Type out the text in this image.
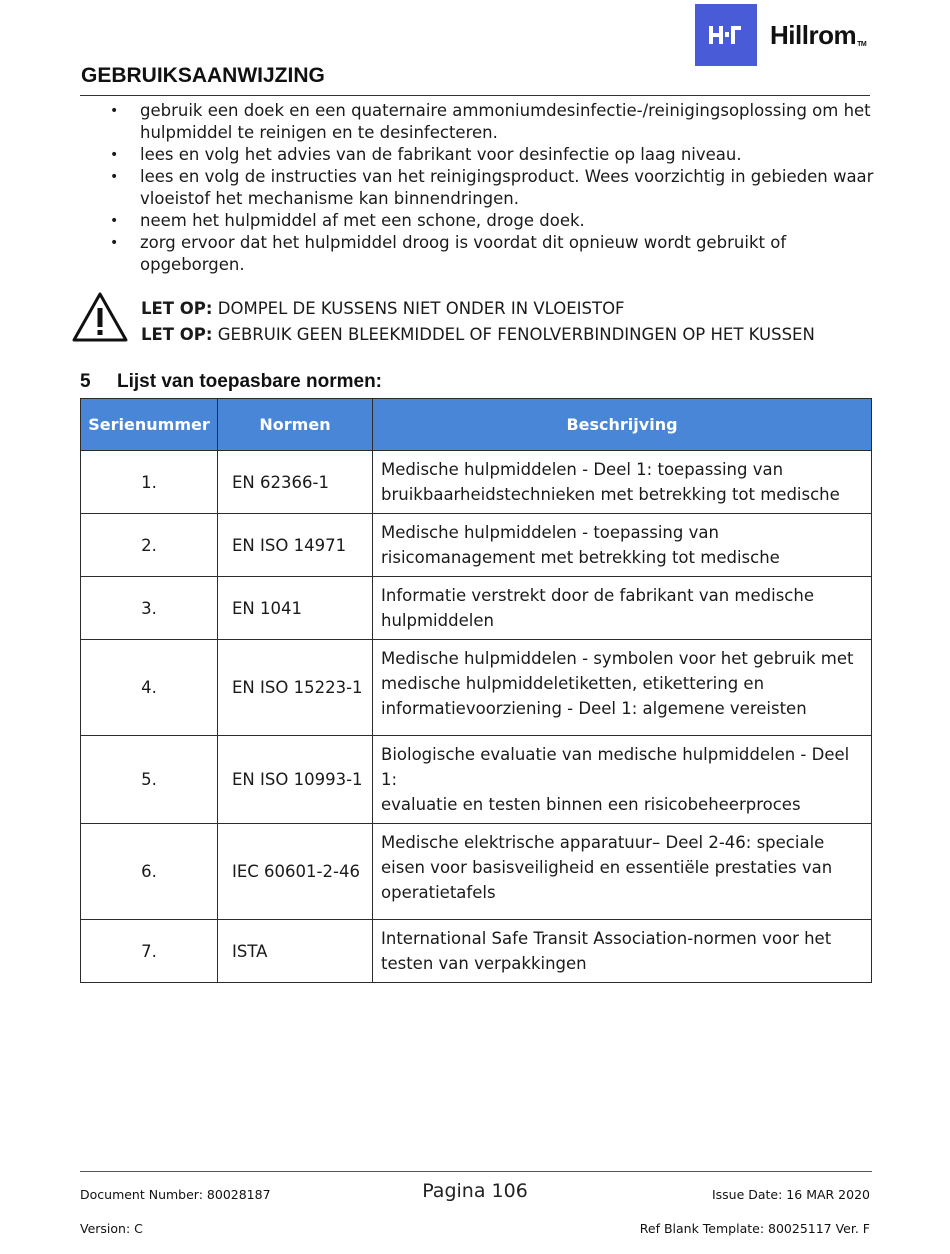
Hillrom™
GEBRUIKSAANWIJZING
• gebruik een doek en een quaternaire ammoniumdesinfectie-/reinigingsoplossing om het hulpmiddel te reinigen en te desinfecteren.
• lees en volg het advies van de fabrikant voor desinfectie op laag niveau.
• lees en volg de instructies van het reinigingsproduct. Wees voorzichtig in gebieden waar vloeistof het mechanisme kan binnendringen.
• neem het hulpmiddel af met een schone, droge doek.
• zorg ervoor dat het hulpmiddel droog is voordat dit opnieuw wordt gebruikt of opgeborgen.
LET OP: DOMPEL DE KUSSENS NIET ONDER IN VLOEISTOF
LET OP: GEBRUIK GEEN BLEEKMIDDEL OF FENOLVERBINDINGEN OP HET KUSSEN
5 Lijst van toepasbare normen:
Serienummer	Normen	Beschrijving
1.	EN 62366-1	Medische hulpmiddelen - Deel 1: toepassing van
bruikbaarheidstechnieken met betrekking tot medische

2.	EN ISO 14971	Medische hulpmiddelen - toepassing van
risicomanagement met betrekking tot medische

3.	EN 1041	Informatie verstrekt door de fabrikant van medische
hulpmiddelen

4.	EN ISO 15223-1	Medische hulpmiddelen - symbolen voor het gebruik met
medische hulpmiddeletiketten, etikettering en
informatievoorziening - Deel 1: algemene vereisten

5.	EN ISO 10993-1	Biologische evaluatie van medische hulpmiddelen - Deel 1:
evaluatie en testen binnen een risicobeheerproces

6.	IEC 60601-2-46	Medische elektrische apparatuur– Deel 2-46: speciale
eisen voor basisveiligheid en essentiële prestaties van
operatietafels

7.	ISTA	International Safe Transit Association-normen voor het
testen van verpakkingen
Document Number: 80028187	Pagina 106	Issue Date: 16 MAR 2020
Version: C	Ref Blank Template: 80025117 Ver. F
